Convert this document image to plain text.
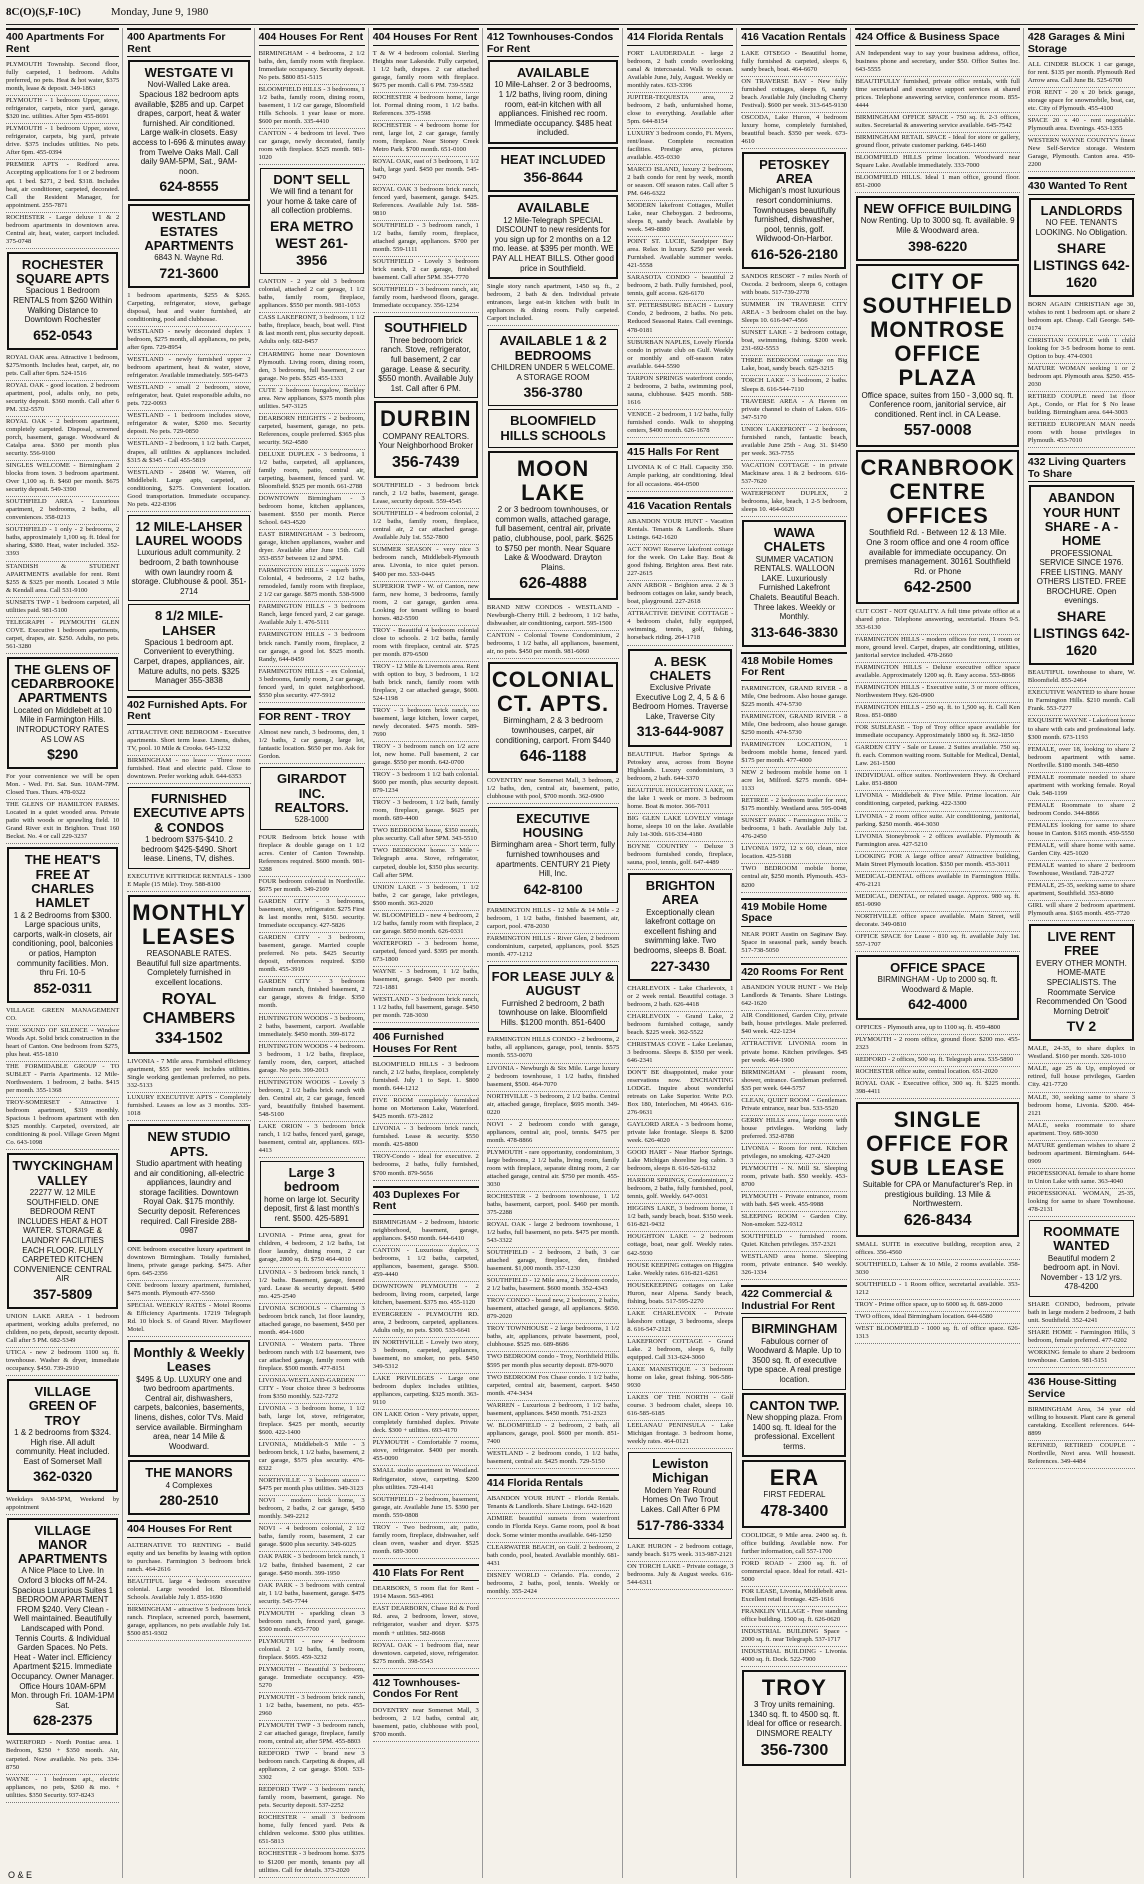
8C(O)(S,F-10C)	Monday, June 9, 1980
400 Apartments For Rent
PLYMOUTH Township. Second floor, fully carpeted, 1 bedroom. Adults preferred, no pets. Heat & hot water, $375 month, lease & deposit. 349-1863
PLYMOUTH - 1 bedroom Upper, stove, refrigerator, carpets, nice yard, garage. $320 inc. utilities. After 5pm 455-8691
PLYMOUTH - 1 bedroom Upper, stove, refrigerator, carpets, big yard, private drive. $375 includes utilities. No pets. After 6pm. 455-0394
PREMIER APTS - Redford area. Accepting applications for 1 or 2 bedroom apt. 1 bed. $271, 2 bed. $318. Includes heat, air conditioner, carpeted, decorated. Call the Resident Manager, for appointment. 255-7871
ROCHESTER - Large deluxe 1 & 2 bedroom apartments in downtown area. Central air, heat, water, carport included. 375-0748
ROCHESTER SQUARE APTS
Spacious 1 Bedroom RENTALS from $260 Within Walking Distance to Downtown Rochester
652-0543
ROYAL OAK area. Attractive 1 bedroom, $275/month. Includes heat, carpet, air, no pets. Call after 6pm. 524-1516
ROYAL OAK - good location. 2 bedroom apartment, pool, adults only, no pets, security deposit. $360 month. Call after 6 PM. 332-5570
ROYAL OAK - 2 bedroom apartment, completely carpeted. Disposal, screened porch, basement, garage. Woodward & Catalpa area. $360 per month plus security. 556-9100
SINGLES WELCOME - Birmingham 2 blocks from town. 3 bedroom apartment. Over 1,100 sq. ft. $460 per month. $675 security deposit. 549-3390
SOUTHFIELD AREA - Luxurious apartment, 2 bedrooms, 2 baths, all conveniences. 358-0213
SOUTHFIELD - 1 only - 2 bedrooms, 2 baths, approximately 1,100 sq. ft. Ideal for sharing, $380. Heat, water included. 352-3393
STANDISH & STUDENT APARTMENTS available for rent. Rent $255 & $325 per month. Located 3 Mile & Kendall area. Call 531-9100
SUNSETS TWP - 1 bedroom carpeted, all utilities paid. 981-5100
TELEGRAPH - PLYMOUTH GLEN COVE. Executive 1 bedroom apartments, carpet, drapes, air. $250. Adults, no pets. 561-3280
THE GLENS OF CEDARBROOKE APARTMENTS
Located on Middlebelt at 10 Mile in Farmington Hills. INTRODUCTORY RATES AS LOW AS
$290
For your convenience we will be open Mon. - Wed. Fri. Sat. Sun. 10AM-7PM. Closed Tues. Thurs. 478-0322
THE GLENS OF HAMILTON FARMS. Located in a quiet wooded area. Private patio with woods or sprawling field. 10 Grand River exit in Brighton. Trust 160 Beckst. No. 4 or call 229-3237
THE HEAT'S FREE AT CHARLES HAMLET
1 & 2 Bedrooms from $300. Large spacious units, carports, walk-in closets, air conditioning, pool, balconies or patios, Hampton community facilities. Mon. thru Fri. 10-5
852-0311
VILLAGE GREEN MANAGEMENT CO.
THE SOUND OF SILENCE - Windsor Woods Apt. Solid brick construction in the heart of Canton. One bedroom from $275, plus heat. 455-1810
THE FORMIDABLE GROUP - TO SUBLET - Parris Apartments. 12 Mile-Northwestern. 1 bedroom, 2 baths. $415 per month. 355-1368
TROY-SOMERSET - Attractive 1 bedroom apartment, $319 monthly. Spacious 1 bedroom apartment with den $325 monthly. Carpeted, oversized, air conditioning & pool. Village Green Mgmt Co. 643-1098
TWYCKINGHAM VALLEY
22277 W. 12 MILE SOUTHFIELD. ONE BEDROOM RENT INCLUDES HEAT & HOT WATER. STORAGE & LAUNDRY FACILITIES EACH FLOOR. FULLY CARPETED KITCHEN CONVENIENCE CENTRAL AIR
357-5809
UNION LAKE AREA - 1 bedroom apartment, working adults preferred, no children, no pets, deposit, security deposit. Call after 5 PM. 682-5349
UTICA - new 2 bedroom 1100 sq. ft. townhouse. Washer & dryer, immediate occupancy. $450. 739-2910
VILLAGE GREEN OF TROY
1 & 2 bedrooms from $324. High rise. All adult community. Heat included. East of Somerset Mall
362-0320
Weekdays 9AM-5PM, Weekend by appointment
VILLAGE MANOR APARTMENTS
A Nice Place to Live. In Oxford 3 blocks off M-24. Spacious Luxurious Suites 1 BEDROOM APARTMENT FROM $240. Very Clean - Well maintained. Beautifully Landscaped with Pond. Tennis Courts. & Individual Garden Spaces. No Pets. Heat - Water incl. Efficiency Apartment $215. Immediate Occupancy. Owner Manager. Office Hours 10AM-6PM Mon. through Fri. 10AM-1PM Sat.
628-2375
WATERFORD - North Pontiac area. 1 Bedroom, $250 + $350 month. Air, carpeted. Now available. No pets. 334-8750
WAYNE - 1 bedroom apt., electric appliances, no pets, $260 & mo. + utilities. $350 Security. 937-8243
400 Apartments For Rent
WESTGATE VI
Novi-Walled Lake area. Spacious 182 bedroom apts available, $285 and up. Carpet drapes, carport, heat & water furnished. Air conditioned. Large walk-in closets. Easy access to I-696 & minutes away from Twelve Oaks Mall. Call daily 9AM-5PM, Sat., 9AM-noon.
624-8555
WESTLAND ESTATES APARTMENTS
6843 N. Wayne Rd.
721-3600
1 bedroom apartments, $255 & $265. Carpeting, refrigerator, stove, garbage disposal, heat and water furnished, air conditioning, pool and clubhouse.
WESTLAND - newly decorated duplex 1 bedroom, $275 month, all appliances, no pets, after 6pm. 729-8954
WESTLAND - newly furnished upper 2 bedroom apartment, heat & water, stove, refrigerator. Available immediately. 595-6473
WESTLAND - small 2 bedroom, stove, refrigerator, heat. Quiet responsible adults, no pets. 722-0093
WESTLAND - 1 bedroom includes stove, refrigerator & water, $260 mo. Security deposit. No pets. 729-0850
WESTLAND - 2 bedroom, 1 1/2 bath. Carpet, drapes, all utilities & appliances included. $315 & $345 - Call 455-5819
WESTLAND - 28408 W. Warren, off Middlebelt. Large apts, carpeted, air conditioning, $275. Convenient location. Good transportation. Immediate occupancy. No pets. 422-8396
12 MILE-LAHSER LAUREL WOODS
Luxurious adult community. 2 bedroom, 2 bath townhouse with own laundry room & storage. Clubhouse & pool. 351-2714
8 1/2 MILE-LAHSER
Spacious 1 bedroom apt. Convenient to everything. Carpet, drapes, appliances, air. Mature adults, no pets. $325 Manager 355-3838
402 Furnished Apts. For Rent
ATTRACTIVE ONE BEDROOM - Executive apartments. Short term lease. Linens, dishes, TV, pool. 10 Mile & Crooks. 645-1232
BIRMINGHAM - no lease - Three room furnished. Heat and electric paid. Close to downtown. Prefer working adult. 644-6353
FURNISHED EXECUTIVE APTS & CONDOS
1 bedroom $375-$410. 2 bedroom $425-$490. Short lease. Linens, TV, dishes.
EXECUTIVE KITTRIDGE RENTALS - 1300 E Maple (15 Mile). Troy. 588-8100
MONTHLY LEASES
REASONABLE RATES. Beautiful full size apartments. Completely furnished in excellent locations.
ROYAL CHAMBERS 334-1502
LIVONIA - 7 Mile area. Furnished efficiency apartment, $55 per week includes utilities. Single working gentleman preferred, no pets. 332-5133
LUXURY EXECUTIVE APTS - Completely furnished. Leases as low as 3 months. 335-1018
NEW STUDIO APTS.
Studio apartment with heating and air conditioning, all-electric appliances, laundry and storage facilities. Downtown Royal Oak. $175 monthly. Security deposit. References required. Call Fireside 288-0987
ONE bedroom executive luxury apartment in downtown Birmingham. Totally furnished, linens, private garage parking. $475. After 6pm. 645-2356
ONE bedroom luxury apartment, furnished, $475 month. Plymouth 477-5560
SPECIAL WEEKLY RATES - Motel Rooms & Efficiency Apartments. 17219 Telegraph Rd. 10 block S. of Grand River. Mayflower Motel.
Monthly & Weekly Leases
$495 & Up. LUXURY one and two bedroom apartments. Central air, dishwashers, carpets, balconies, basements, linens, dishes, color TVs. Maid service available. Birmingham area, near 14 Mile & Woodward.
THE MANORS
4 Complexes
280-2510
404 Houses For Rent
ALTERNATIVE TO RENTING - Build equity and tax benefits by leasing with option to purchase. Farmington 3 bedroom brick ranch. 464-2616
BEAUTIFUL large 4 bedroom executive colonial. Large wooded lot. Bloomfield Schools. Available July 1. 855-1690
BIRMINGHAM - attractive 5 bedroom brick ranch. Fireplace, screened porch, basement, garage, appliances, no pets available July 1st. $500 851-9302
404 Houses For Rent
BIRMINGHAM - 4 bedrooms, 2 1/2 baths, den, family room with fireplace. Immediate occupancy. Security deposit. No pets. $800 851-5115
BLOOMFIELD HILLS - 3 bedrooms, 1 1/2 baths, family room, dining room, basement, 1 1/2 car garage, Bloomfield Hills Schools. 1 year lease or more. $600 per month. 335-4410
CANTON - 4 bedroom tri level. Two car garage, newly decorated, family room with fireplace. $525 month. 981-1020
DON'T SELL
We will find a tenant for your home & take care of all collection problems.
ERA METRO WEST 261-3956
CANTON - 2 year old 3 bedroom colonial, attached 2 car garage, 1 1/2 baths, family room, fireplace, appliances. $550 per month. 981-1053
CASS LAKEFRONT, 3 bedroom, 1 1/2 baths, fireplace, beach, boat well. First & last month rent, plus security deposit. Adults only. 682-8457
CHARMING home near Downtown Plymouth. Living room, dining room, den, 3 bedrooms, full basement, 2 car garage. No pets. $525 455-1333
CUTE 2 bedroom bungalow, Berkley area. New appliances, $375 month plus utilities. 547-3125
DEARBORN HEIGHTS - 2 bedroom, carpeted, basement, garage, no pets. References, couple preferred. $365 plus security. 562-4580
DELUXE DUPLEX - 3 bedrooms, 1 1/2 baths, carpeted, all appliances, family room, patio, central air, carpeting, basement, fenced yard. W. Bloomfield. $525 per month. 661-2788
DOWNTOWN Birmingham - 3 bedroom home, kitchen appliances, basement. $550 per month. Pierce School. 643-4520
EAST BIRMINGHAM - 3 bedroom, garage, kitchen appliances, washer and dryer. Available after June 15th. Call 353-8557 between 12 and 3PM.
FARMINGTON HILLS - superb 1979 Colonial, 4 bedrooms, 2 1/2 baths, remodeled, family room with fireplace, 2 1/2 car garage. $875 month. 538-5900
FARMINGTON HILLS - 3 bedroom Ranch, large fenced yard, 2 car garage. Available July 1. 476-5111
FARMINGTON HILLS - 3 bedroom brick ranch. Family room, fireplace, 2 car garage, a good lot. $525 month. Randy, 644-8459
FARMINGTON HILLS - ex Colonial, 3 bedrooms, family room, 2 car garage, fenced yard, in quiet neighborhood. $550 plus security. 477-5912
FOR RENT - TROY
Almost new ranch, 3 bedrooms, den, 1 1/2 baths, 2 car garage, large lot, fantastic location. $650 per mo. Ask for Gordon.
GIRARDOT INC. REALTORS.
528-1000
FOUR Bedroom brick house with fireplace & double garage on 1 1/2 acres. Center of Canton Township. References required. $600 month. 981-3288
FOUR bedroom colonial in Northville. $675 per month. 349-2109
GARDEN CITY - 3 bedrooms, basement, stove, refrigerator. $275 First & last months rent, $150. security. Immediate occupancy. 427-5826
GARDEN CITY - 3 bedroom, basement, garage. Married couple preferred. No pets. $425 Security deposit, references required. $350 month. 455-3919
GARDEN CITY - 3 bedroom aluminum ranch, finished basement, 2 car garage, stoves & fridge. $350 month.
HUNTINGTON WOODS - 3 bedroom, 2 baths, basement, carport. Available immediately. $450 month. 399-8172
HUNTINGTON WOODS - 4 bedroom. 3 bedroom, 1 1/2 baths, fireplace, family room, den, carport, attached garage. No pets. 399-2013
HUNTINGTON WOODS - Lovely 3 bedroom, 2 1/2 baths brick ranch with den. Central air, 2 car garage, fenced yard, beautifully finished basement. 548-5100
LAKE ORION - 3 bedroom brick ranch, 1 1/2 baths, fenced yard, garage, basement, central air, appliances. 693-4413
Large 3 bedroom
home on large lot. Security deposit, first & last month's rent. $500. 425-5891
LIVONIA - Prime area, great for children, 4 bedroom, 2 1/2 baths, 1st floor laundry, dining room, 2 car garage, 2800 sq. ft. $750 464-4010
LIVONIA - 3 bedroom brick ranch, 1 1/2 baths. Basement, garage, fenced yard. Lease & security deposit. $490 mo. 425-2540
LIVONIA SCHOOLS - Charming 3 bedroom brick ranch, 1st floor laundry, attached garage, no basement, $450 per month. 464-1600
LIVONIA - Western parts. Three bedroom ranch with 1/2 basement, two car attached garage, family room with fireplace. $500 month. 477-8151
LIVONIA-WESTLAND-GARDEN CITY - Your choice three 3 bedrooms from $350 monthly. 522-7272
LIVONIA - 3 bedroom home, 1 1/2 bath, large lot, stove, refrigerator, fireplace. $425 per month, security $600. 422-1400
LIVONIA, Middlebelt-5 Mile - 3 bedroom brick, 1 1/2 baths, basement, 2 car garage, $575 plus security. 476-8322
NORTHVILLE - 3 bedroom stucco - $475 per month plus utilities. 349-3123
NOVI - modern brick home, 3 bedroom, 2 baths, 2 car garage, $450 monthly. 349-2212
NOVI - 4 bedroom colonial, 2 1/2 baths, family room, basement, 2 car garage. $600 plus security. 349-6025
OAK PARK - 3 bedroom brick ranch, 1 1/2 baths, finished basement, 2 car garage. $450 month. 399-1950
OAK PARK - 3 bedroom with central air, 1 1/2 baths, basement, garage. $475 security. 545-7744
PLYMOUTH - sparkling clean 3 bedroom ranch, fenced yard, garage. $500 month. 455-7700
PLYMOUTH - new 4 bedroom colonial. 2 1/2 baths, family room, fireplace. $695. 459-3232
PLYMOUTH - Beautiful 3 bedroom, garage. Immediate occupancy. 459-5270
PLYMOUTH - 3 bedroom brick ranch, 1 1/2 baths, basement, no pets. 455-2960
PLYMOUTH TWP - 3 bedroom ranch, 2 car attached garage, fireplace, family room, central air, after 5PM. 455-8803
REDFORD TWP - brand new 3 bedroom ranch. Carpeting & drapes, all appliances, 2 car garage. $500. 533-3302
REDFORD TWP - 3 bedroom ranch, family room, basement, garage. No pets. Security deposit. 537-2252
ROCHESTER - small 3 bedroom home, fully fenced yard. Pets & children welcome. $300 plus utilities. 651-5813
ROCHESTER - 3 bedroom home. $375 to $1200 per month, tenants pay all utilities. Call for details. 373-2020
404 Houses For Rent
T & W 4 bedroom colonial. Sterling Heights near Lakeside. Fully carpeted, 1 1/2 bath, drapes. 2 car attached garage, family room with fireplace. $675 per month. Call 6 PM. 739-5582
ROCHESTER 4 bedroom home, large lot. Formal dining room, 1 1/2 baths. References. 375-1598
ROCHESTER - 4 bedroom home for rent, large lot, 2 car garage, family room, fireplace. Near Stoney Creek Metro Park. $700 month. 651-0100
ROYAL OAK, east of 3 bedroom, 1 1/2 bath, large yard. $450 per month. 545-9470
ROYAL OAK 3 bedroom brick ranch, fenced yard, basement, garage. $425. References. Available July 1st. 588-9810
SOUTHFIELD - 3 bedroom ranch, 1 1/2 baths, family room, fireplace, attached garage, appliances. $700 per month. 559-1111
SOUTHFIELD - Lovely 3 bedroom brick ranch, 2 car garage, finished basement. Call after 5PM. 354-7770
SOUTHFIELD - 3 bedroom ranch, air, family room, hardwood floors, garage. Immediate occupancy. 356-1234
SOUTHFIELD
Three bedroom brick ranch. Stove, refrigerator, full basement, 2 car garage. Lease & security. $550 month. Available July 1st. Call after 6 PM.
DURBIN
COMPANY REALTORS. Your Neighborhood Broker
356-7439
SOUTHFIELD - 3 bedroom brick ranch, 2 1/2 baths, basement, garage. Lease, security deposit. 559-4545
SOUTHFIELD - 4 bedroom colonial, 2 1/2 baths, family room, fireplace, central air, 2 car attached garage. Available July 1st. 552-7800
SUMMER SEASON - very nice 3 bedroom ranch, Middlebelt-Plymouth area. Livonia, to nice quiet person. $400 per mo. 533-0445
SUPERIOR TWP - W. of Canton, new farm, new home, 3 bedrooms, family room, 2 car garage, garden area. Looking for tenant willing to board horses. 482-5590
TROY - Beautiful 4 bedroom colonial close to schools. 2 1/2 baths, family room with fireplace, central air. $725 per month. 879-6500
TROY - 12 Mile & Livernois area. Rent with option to buy, 3 bedroom, 1 1/2 bath brick ranch, family room with fireplace, 2 car attached garage, $600. 524-1198
TROY - 3 bedroom brick ranch, no basement, large kitchen, lower carpet, newly decorated. $475 month. 589-7690
TROY - 3 bedroom ranch on 1/2 acre lot, new home. Full basement, 2 car garage. $550 per month. 642-0700
TROY - 3 bedroom 1 1/2 bath colonial. $600 per month, plus security deposit. 879-1234
TROY - 3 bedroom, 1 1/2 bath, family room, fireplace, garage. $625 per month. 689-4400
TWO BEDROOM house, $350 month, plus security. Call after 5PM. 343-5510
TWO BEDROOM home. 3 Mile - Telegraph area. Stove, refrigerator, carpeted, double lot, $350 plus security. Call after 5PM.
UNION LAKE - 3 bedroom, 1 1/2 baths, 2 car garage, lake privileges, $500 month. 363-2020
W. BLOOMFIELD - new 4 bedroom, 2 1/2 baths, family room with fireplace, 2 car garage. $850 month. 626-0331
WATERFORD - 3 bedroom home, carpeted, fenced yard. $395 per month. 673-1800
WAYNE - 3 bedroom, 1 1/2 baths, basement, garage. $400 per month. 721-1881
WESTLAND - 3 bedroom brick ranch, 1 1/2 baths, full basement, garage. $450 per month. 728-3030
406 Furnished Houses For Rent
BLOOMFIELD HILLS - 3 bedroom ranch, 2 1/2 baths, fireplace, completely furnished. July 1 to Sept. 1. $800 month. 644-1212
FIVE ROOM completely furnished home on Mortenson Lake, Waterford. $425 month. 673-2812
LIVONIA - 3 bedroom brick ranch, furnished. Lease & security. $550 month. 425-8800
TROY-Condo - ideal for executive. 2 bedrooms, 2 baths, fully furnished, $700 month. 879-5656
403 Duplexes For Rent
BIRMINGHAM - 2 bedroom, historic neighborhood, basement, garage, appliances. $450 month. 644-6410
CANTON - Luxurious duplex, 3 bedrooms, 1 1/2 baths, carpeted, appliances, basement, garage. $500. 459-4440
DOWNTOWN PLYMOUTH - 2 bedroom, living room, carpeted, large kitchen, basement. $375 mo. 455-1120
EVERGREEN - PLYMOUTH RD. area, 2 bedroom, carpeted, appliances. Adults only, no pets. $300. 533-6641
IN NORTHVILLE - Lovely two story, 3 bedroom, carpeted, appliances, basement, no smoker, no pets. $450 349-5312
LAKE PRIVILEGES - Large one bedroom duplex includes utilities, appliances, carpeting. $325 month. 363-9110
ON LAKE Orion - Very private, upper, completely furnished duplex. Private deck. $300 + utilities. 693-4170
PLYMOUTH - Comfortable 7 rooms, stove, refrigerator. $400 per month. 455-0090
SMALL studio apartment in Westland. Refrigerator, stove, carpeting. $200 plus utilities. 729-4141
SOUTHFIELD - 2 bedroom, basement, garage, air. Available June 15. $390 per month. 559-0808
TROY - Two bedroom, air, patio, family room, fireplace, dishwasher, self clean oven, washer and dryer. $525 month. 689-3000
410 Flats For Rent
DEARBORN, 5 room flat for Rent - 1914 Mason. 563-4961
EAST DEARBORN, Chase Rd & Ford Rd. area, 2 bedroom, lower, stove, refrigerator, washer and dryer. $375 month + utilities. 582-8668
ROYAL OAK - 1 bedroom flat, near downtown. carpeted, stove, refrigerator. $275 month. 398-5543
412 Townhouses-Condos For Rent
DOVENTRY near Somerset Mall, 3 bedroom, 2 1/2 baths, central air, basement, patio, clubhouse with pool, $700 month.
412 Townhouses-Condos For Rent
AVAILABLE
10 Mile-Lahser. 2 or 3 bedrooms, 1 1/2 baths, living room, dining room, eat-in kitchen with all appliances. Finished rec room. Immediate occupancy. $485 heat included.
HEAT INCLUDED
356-8644
AVAILABLE
12 Mile-Telegraph SPECIAL DISCOUNT to new residents for you sign up for 2 months on a 12 mo. lease. at $395 per month. WE PAY ALL HEAT BILLS. Other good price in Southfield.
Single story ranch apartment, 1450 sq. ft., 2 bedroom, 2 bath & den. Individual private entrances, large eat-in kitchen with built in appliances & dining room. Fully carpeted. Carport included.
AVAILABLE 1 & 2 BEDROOMS
CHILDREN UNDER 5 WELCOME. A STORAGE ROOM
356-3780
BLOOMFIELD HILLS SCHOOLS
MOON LAKE
2 or 3 bedroom townhouses, or common walls, attached garage, full basement, central air, private patio, clubhouse, pool, park. $625 to $750 per month. Near Square Lake & Woodward. Drayton Plains.
626-4888
BRAND NEW CONDOS - WESTLAND - Newburgh-Cherry Hill. 2 bedroom, 1 1/2 baths, dishwasher, air conditioning, carport. 595-1500
CANTON - Colonial Towne Condominium, 2 bedrooms, 1 1/2 baths, all appliances, basement, air, no pets. $450 per month. 981-6060
COLONIAL CT. APTS.
Birmingham, 2 & 3 bedroom townhouses, carpet, air conditioning, carport. From $440
646-1188
COVENTRY near Somerset Mall, 3 bedroom, 2 1/2 baths, den, central air, basement, patio, clubhouse with pool, $700 month. 362-0900
EXECUTIVE HOUSING
Birmingham area - Short term, fully furnished townhouses and apartments. CENTURY 21 Piety Hill, Inc.
642-8100
FARMINGTON HILLS - 12 Mile & 14 Mile - 2 bedroom, 1 1/2 baths, finished basement, air, carport, pool. 478-2030
FARMINGTON HILLS - River Glen, 2 bedroom condominium, carpeted, appliances, pool. $525 month. 477-1212
FOR LEASE JULY & AUGUST
Furnished 2 bedroom, 2 bath townhouse on lake. Bloomfield Hills. $1200 month. 851-6400
FARMINGTON HILLS CONDO - 2 bedrooms, 2 baths, all appliances, garage, pool, tennis. $575 month. 553-0070
LIVONIA - Newburgh & Six Mile. Large luxury 2 bedroom townhouse, 1 1/2 baths, finished basement, $500. 464-7070
NORTHVILLE - 3 bedroom, 2 1/2 baths. Central air, attached garage, fireplace, $695 month. 349-0220
NOVI - 2 bedroom condo with garage, appliances, central air, pool, tennis. $475 per month. 478-8866
PLYMOUTH - rare opportunity, condominium, 3 large bedrooms, 2 1/2 baths, living room, family room with fireplace, separate dining room, 2 car attached garage, central air. $750 per month. 455-3030
ROCHESTER - 2 bedroom townhouse, 1 1/2 baths, basement, carport, pool. $460 per month. 375-2288
ROYAL OAK - large 2 bedroom townhouse, 1 1/2 baths, full basement, no pets. $475 per month. 543-3322
SOUTHFIELD - 2 bedroom, 2 bath, 3 car attached garage, fireplace, den, finished basement. $1,000 month. 357-1230
SOUTHFIELD - 12 Mile area, 2 bedroom condo, 2 1/2 baths, basement. $600 month. 352-4343
TROY CONDO - brand new, 2 bedroom, 2 baths, basement, attached garage, all appliances. $650. 879-2020
TROY TOWNHOUSE - 2 large bedrooms, 1 1/2 baths, air, appliances, private basement, pool, clubhouse. $525 mo. 689-8686
TWO BEDROOM condo - Troy, Northfield Hills. $595 per month plus security deposit. 879-9070
TWO BEDROOM Fox Chase condo. 1 1/2 baths, carpeted, central air, basement, carport. $450 month. 474-3434
WARREN - Luxurious 2 bedroom, 1 1/2 baths, basement, appliances. $450 month. 751-2323
W. BLOOMFIELD - 2 bedroom, 2 bath, all appliances, garage, pool. $600 per month. 851-7400
WESTLAND - 2 bedroom condo, 1 1/2 baths, basement, central air. $425 month. 729-5150
414 Florida Rentals
ABANDON YOUR HUNT - Florida Rentals. Tenants & Landlords. Share Listings. 642-1620
ADMIRE beautiful sunsets from waterfront condo in Florida Keys. Game room, pool & boat dock. Some winter months available. 646-1250
CLEARWATER BEACH, on Gulf. 2 bedroom, 2 bath condo, pool, heated. Available monthly. 681-4431
DISNEY WORLD - Orlando. Fla. condo, 2 bedrooms, 2 baths, pool, tennis. Weekly or monthly. 355-2424
414 Florida Rentals
FORT LAUDERDALE - large 2 bedroom, 2 bath condo overlooking canal & intercoastal. Walk to ocean. Available June, July, August. Weekly or monthly rates. 633-3396
JUPITER-TEQUESTA area, 2 bedroom, 2 bath, unfurnished home, close to everything. Available after 5pm. 644-8154
LUXURY 3 bedroom condo, Ft. Myers, rent/lease. Complete recreation facilities. Prestige area, pictures available. 455-0330
MARCO ISLAND, luxury 2 bedroom, 2 bath condo for rent by week, month or season. Off season rates. Call after 5 PM. 646-6322
MODERN lakefront Cottages, Mullet Lake, near Cheboygan. 2 bedrooms, sleeps 8, sandy beach. Available by week. 549-8880
POINT ST. LUCIE, Sandpiper Bay area. Relax in luxury. $250 per week. Furnished. Available summer weeks. 421-5558
SARASOTA CONDO - beautiful 2 bedroom, 2 bath. Fully furnished, pool, tennis, gulf access. 626-6170
ST. PETERSBURG BEACH - Luxury Condo, 2 bedroom, 2 baths. No pets. Reduced Seasonal Rates. Call evenings. 478-0181
SUBURBAN NAPLES, Lovely Florida condo in private club on Gulf. Weekly or monthly and off-season rates available. 644-5590
TARPON SPRINGS waterfront condo, 2 bedrooms, 2 baths, swimming pool, sauna, clubhouse. $425 month. 588-1616
VENICE - 2 bedroom, 1 1/2 baths, fully furnished condo. Walk to shopping centers, $400 month. 626-1678
415 Halls For Rent
LIVONIA K of C Hall. Capacity 350. Ample parking, air conditioning. Ideal for all occasions. 464-0500
416 Vacation Rentals
ABANDON YOUR HUNT - Vacation Rentals. Tenants & Landlords. Share Listings. 642-1620
ACT NOW! Reserve lakefront cottage for the week. On Lake Bay. Boat & good fishing. Brighton area. Best rate. 227-2615
ANN ARBOR - Brighton area. 2 & 3 bedroom cottages on lake, sandy beach, boat, playground. 227-2618
ATTRACTIVE DEVINE COTTAGE - 4 bedroom chalet, fully equipped, swimming, tennis, golf, fishing, horseback riding. 264-1718
A. BESK CHALETS
Exclusive Private Executive Log 2, 4, 5 & 6 Bedroom Homes. Traverse Lake, Traverse City
313-644-9087
BEAUTIFUL Harbor Springs & Petoskey area, across from Boyne Highlands. Luxury condominium, 3 bedroom, 2 bath. 644-3370
BEAUTIFUL HOUGHTON LAKE, on the lake 1 week or more. 3 bedroom home. Boat & motor. 366-7011
BIG GLEN LAKE LOVELY vintage home, sleeps 10 on the lake. Available July 1st-30th. 616-334-4180
BOYNE COUNTRY - Deluxe 3 bedroom furnished condo, fireplace, sauna, pool, tennis, golf. 647-4489
BRIGHTON AREA
Exceptionally clean lakefront cottage on excellent fishing and swimming lake. Two bedrooms, sleeps 8. Boat.
227-3430
CHARLEVOIX - Lake Charlevoix, 1 or 2 week rental. Beautiful cottage. 3 bedroom, 2 bath. 626-4418
CHARLEVOIX - Grand Lake, 2 bedroom furnished cottage, sandy beach. $225 week. 362-5522
CHRISTMAS COVE - Lake Leelanau, 3 bedrooms. Sleeps 8. $350 per week. 646-2341
DON'T BE disappointed, make your reservations now. ENCHANTING LODGE. Inquire about wonderful retreats on Lake Superior. Write P.O. Box 180, Interlochen, Mi 49643. 616-276-9631
GAYLORD AREA - 3 bedroom home, private lake frontage. Sleeps 8. $200 week. 626-4020
GOOD HART - Near Harbor Springs. Lake Michigan shoreline log cabin. 3 bedroom, sleeps 8. 616-526-6132
HARBOR SPRINGS, Condominium, 2 bedroom, 2 baths, fully furnished, pool, tennis, golf. Weekly. 647-0031
HIGGINS LAKE, 3 bedroom home, 1 1/2 bath, sandy beach, boat. $350 week. 616-821-9432
HOUGHTON LAKE - 2 bedroom cottage, boat, near golf. Weekly rates. 642-5930
HOUSE KEEPING cottages on Higgins Lake. Weekly rates. 616-821-6261
HOUSEKEEPING cottages on Lake Huron, near Alpena. Sandy beach, fishing, boats. 517-595-2270
LAKE CHARLEVOIX - Private lakeshore cottage, 3 bedrooms, sleeps 8. 616-547-2121
LAKEFRONT COTTAGE - Grand Lake. 2 bedroom, sleeps 6, fully equipped. Call 313-624-3060
LAKE MANISTIQUE - 3 bedroom home on lake, great fishing. 906-586-9930
LAKES OF THE NORTH - Golf course. 3 bedroom chalet, sleeps 10. 616-585-6185
LEELANAU PENINSULA - Lake Michigan frontage. 3 bedroom home, weekly rates. 464-0121
Lewiston Michigan
Modern Year Round Homes On Two Trout Lakes. Call After 6 PM
517-786-3334
LAKE HURON - 2 bedroom cottage, sandy beach. $175 week. 313-987-2121
ON TORCH LAKE - Private cottage, 3 bedrooms. July & August weeks. 616-544-6311
416 Vacation Rentals
LAKE OTSEGO - Beautiful home, fully furnished & carpeted, sleeps 6, sandy beach, boat. 464-6670
ON TRAVERSE BAY - New fully furnished cottages, sleeps 6, sandy beach. Available July (including Cherry Festival). $600 per week. 313-645-9130
OSCODA, Lake Huron, 4 bedroom luxury home, completely furnished, beautiful beach. $350 per week. 673-4610
PETOSKEY AREA
Michigan's most luxurious resort condominiums. Townhouses beautifully furnished, dishwasher, pool, tennis, golf. Wildwood-On-Harbor.
616-526-2180
SANDOS RESORT - 7 miles North of Oscoda. 2 bedroom, sleeps 6, cottages with boats. 517-739-2778
SUMMER IN TRAVERSE CITY AREA - 3 bedroom chalet on the bay. Sleeps 10. 616-947-4566
SUNSET LAKE - 2 bedroom cottage, boat, swimming, fishing. $200 week. 231-692-5553
THREE BEDROOM cottage on Big Lake, boat, sandy beach. 625-3215
TORCH LAKE - 3 bedroom, 2 baths. Sleeps 8. 616-544-7110
TRAVERSE AREA - A Haven on private channel to chain of Lakes. 616-347-5170
UNION LAKEFRONT - 2 bedroom, furnished ranch, fantastic beach, available June 25th - Aug. 31. $1450 per week. 363-7755
VACATION COTTAGE - in private Mackinaw area. 1 & 2 bedroom. 616-537-7620
WATERFRONT DUPLEX, 2 bedrooms, lake, beach, 1 2-5 bedroom, sleeps 10. 464-6620
WAWA CHALETS
SUMMER VACATION RENTALS. WALLOON LAKE. Luxuriously Furnished Lakefront Chalets. Beautiful Beach. Three lakes. Weekly or Monthly.
313-646-3830
418 Mobile Homes For Rent
FARMINGTON, GRAND RIVER - 8 Mile, One bedroom. Also house garage. $225 month. 474-5730
FARMINGTON, GRAND RIVER - 8 Mile, One bedroom, also house garage. $250 month. 474-5730
FARMINGTON LOCATION, 1 bedroom mobile home, fenced yard. $175 per month. 477-4000
NEW 2 bedroom mobile home on 1 acre lot, Milford. $275 month. 684-1133
RETIREE - 2 bedroom trailer for rent, $175 monthly. Westland area. 595-0048
SUNSET PARK - Farmington Hills. 2 bedrooms, 1 bath. Available July 1st. 476-2450
LIVONIA 1972, 12 x 60, clean, nice location. 425-5188
TWO BEDROOM mobile home, central air, $250 month. Plymouth. 453-8200
419 Mobile Home Space
NEAR PORT Austin on Saginaw Bay. Space in seasonal park, sandy beach. 517-738-5050
420 Rooms For Rent
ABANDON YOUR HUNT - We Help Landlords & Tenants. Share Listings. 642-1620
AIR Conditioned, Garden City, private bath, house privileges. Male preferred. $40 week. 422-1234
ATTRACTIVE LIVONIA room in private home. Kitchen privileges. $45 per week. 464-1900
BIRMINGHAM - pleasant room, shower, entrance. Gentleman preferred. $35 per week. 644-5757
CLEAN, QUIET ROOM - Gentleman. Private entrance, near bus. 533-5520
GERRY HILLS area, large room with house privileges. Working lady preferred. 352-8788
LIVONIA - Room for rent. Kitchen privileges, no smoking. 427-2420
PLYMOUTH - N. Mill St. Sleeping room, private bath. $50 weekly. 453-8700
PLYMOUTH - Private entrance, room with bath. $45 week. 455-9988
SLEEPING ROOM - Garden City. Non-smoker. 522-9312
SOUTHFIELD - furnished room. Quiet. Kitchen privileges. 357-2321
WESTLAND area home. Sleeping room, private entrance. $40 weekly. 326-1334
422 Commercial & Industrial For Rent
BIRMINGHAM
Fabulous corner of Woodward & Maple. Up to 3500 sq. ft. of executive type space. A real prestige location.
CANTON TWP.
New shopping plaza. From 1400 sq. ft. Ideal for the professional. Excellent terms.
ERA
FIRST FEDERAL
478-3400
COOLIDGE, 9 Mile area. 2400 sq. ft. office building. Available now. For further information, call 557-1700
FORD ROAD - 2300 sq. ft. of commercial space. Ideal for retail. 421-5000
FOR LEASE, Livonia, Middlebelt area. Excellent retail frontage. 425-1616
FRANKLIN VILLAGE - Free standing office building. 1500 sq. ft. 626-0620
INDUSTRIAL BUILDING Space - 2000 sq. ft. near Telegraph. 537-1717
INDUSTRIAL BUILDING - Livonia. 4000 sq. ft. Dock. 522-7900
TROY
3 Troy units remaining. 1340 sq. ft. to 4500 sq. ft. Ideal for office or research. DINSMORE REALTY
356-7300
424 Office & Business Space
AN Independent way to say your business address, office, business phone and secretary, under $50. Office Suites Inc. 643-5555
BEAUTIFULLY furnished, private office rentals, with full time secretarial and executive support services at shared prices. Telephone answering service, conference room. 855-4444
BIRMINGHAM OFFICE SPACE - 750 sq. ft. 2-3 offices, suites. Secretarial & answering service available. 645-7542
BIRMINGHAM RETAIL SPACE - Ideal for store or gallery, ground floor, private customer parking. 646-1460
BLOOMFIELD HILLS prime location. Woodward near Square Lake. Available immediately. 333-7000
BLOOMFIELD HILLS. Ideal 1 man office, ground floor. 851-2000
NEW OFFICE BUILDING
Now Renting. Up to 3000 sq. ft. available. 9 Mile & Woodward area.
398-6220
CITY OF SOUTHFIELD MONTROSE OFFICE PLAZA
Office space, suites from 150 - 3,000 sq. ft. Conference room, janitorial service, air conditioned. Rent incl. in CA Lease.
557-0008
CRANBROOK CENTRE OFFICES
Southfield Rd. - Between 12 & 13 Mile. One 3 room office and one 4 room office available for immediate occupancy. On premises management. 30161 Southfield Rd. or Phone
642-2500
CUT COST - NOT QUALITY. A full time private office at a shared price. Telephone answering, secretarial. Hours 9-5. 353-6130
FARMINGTON HILLS - modern offices for rent, 1 room or more, ground level. Carpet, drapes, air conditioning, utilities, janitorial service included. 478-2660
FARMINGTON HILLS - Deluxe executive office space available. Approximately 1200 sq. ft. Easy access. 553-8866
FARMINGTON HILLS - Executive suite, 3 or more offices, Northwestern Hwy. 626-0900
FARMINGTON HILLS - 250 sq. ft. to 1,500 sq. ft. Call Ken Ross. 851-0880
FOR SUBLEASE - Top of Troy office space available for immediate occupancy. Approximately 1800 sq. ft. 362-1850
GARDEN CITY - Sale or Lease. 2 Suites available. 750 sq. ft. each. Common waiting room. Suitable for Medical, Dental, Law. 261-1500
INDIVIDUAL office suites. Northwestern Hwy. & Orchard Lake. 851-8800
LIVONIA - Middlebelt & Five Mile. Prime location. Air conditioning, carpeted, parking. 422-3300
LIVONIA - 2 room office suite. Air conditioning, janitorial, parking. $250 month. 464-3030
LIVONIA Stoneybrook - 2 offices available. Plymouth & Farmington area. 427-5210
LOOKING FOR A large office area? Attractive building, Main Street Plymouth location. $350 per month. 453-3011
MEDICAL-DENTAL offices available in Farmington Hills. 476-2121
MEDICAL, DENTAL, or related usage. Approx. 980 sq. ft. 851-9090
NORTHVILLE office space available. Main Street, will decorate. 349-0810
OFFICE SPACE for Lease - 810 sq. ft. available July 1st. 557-1707
OFFICE SPACE
BIRMINGHAM - Up to 2000 sq. ft. Woodward & Maple.
642-4000
OFFICES - Plymouth area, up to 1100 sq. ft. 459-4800
PLYMOUTH - 2 room office, ground floor. $200 mo. 455-2323
REDFORD - 2 offices, 500 sq. ft. Telegraph area. 535-5890
ROCHESTER office suite, central location. 651-2020
ROYAL OAK - Executive office, 300 sq. ft. $225 month. 398-4411
SINGLE OFFICE FOR SUB LEASE
Suitable for CPA or Manufacturer's Rep. in prestigious building. 13 Mile & Northwestern.
626-8434
SMALL SUITE in executive building, reception area, 2 offices. 356-4560
SOUTHFIELD, Lahser & 10 Mile, 2 rooms available. 358-3030
SOUTHFIELD - 1 Room office, secretarial available. 353-1212
TROY - Prime office space, up to 6000 sq. ft. 689-2000
TWO offices, ideal Birmingham location. 644-6580
WEST BLOOMFIELD - 1000 sq. ft. of office space. 626-1313
428 Garages & Mini Storage
ALL CINDER BLOCK 1 car garage, for rent. $135 per month. Plymouth Red Arrow area. Call June Bt. 525-6700
FOR RENT - 20 x 20 brick garage, storage space for snowmobile, boat, car, etc. City of Plymouth. 455-4100
SPACE 20 x 40 - rent negotiable. Plymouth area. Evenings. 453-1355
WESTERN WAYNE COUNTY's finest New Self-Service storage. Western Garage, Plymouth. Canton area. 459-2200
430 Wanted To Rent
LANDLORDS
NO FEE. TENANTS LOOKING. No Obligation.
SHARE LISTINGS 642-1620
BORN AGAIN CHRISTIAN age 30, wishes to rent 1 bedroom apt. or share 2 bedroom apt. Cheap. Call George. 549-0174
CHRISTIAN COUPLE with 1 child looking for 3-5 bedroom home to rent. Option to buy. 474-0301
MATURE WOMAN seeking 1 or 2 bedroom apt. Plymouth area. $250. 455-2030
RETIRED COUPLE need 1st floor Apt., Condo, or Flat for $ No lease building. Birmingham area. 644-3003
RETIRED EUROPEAN MAN needs room with house privileges in Plymouth. 453-7010
432 Living Quarters To Share
ABANDON YOUR HUNT SHARE - A - HOME
PROFESSIONAL SERVICE SINCE 1976. FREE LISTING. MANY OTHERS LISTED. FREE BROCHURE. Open evenings.
SHARE LISTINGS 642-1620
BEAUTIFUL townhouse to share, W. Bloomfield. 855-2464
EXECUTIVE WANTED to share house in Farmington Hills. $210 month. Call Frank. 553-7277
EXQUISITE WAYNE - Lakefront home to share with cats and professional lady. $300 month. 673-1193
FEMALE, over 18, looking to share 2 bedroom apartment with same. Northville. $180 month. 348-4850
FEMALE roommate needed to share apartment with working female. Royal Oak. 548-1199
FEMALE Roommate to share 2 bedroom Condo. 344-8866
FEMALES looking for same to share house in Canton. $165 month. 459-5550
FEMALE, will share home with same. Garden City. 425-1020
FEMALE wanted to share 2 bedroom Townhouse, Westland. 728-2727
FEMALE, 25-35, seeking same to share apartment, Southfield. 353-8080
GIRL will share 2 bedroom apartment. Plymouth area. $165 month. 455-7720
LIVE RENT FREE
EVERY OTHER MONTH. HOME-MATE SPECIALISTS. The Roommate Service Recommended On 'Good Morning Detroit'
TV 2
MALE, 24-35, to share duplex in Westland. $160 per month. 326-1010
MALE, age 25 & Up, employed or retired, full house privileges, Garden City. 421-7720
MALE, 30, seeking same to share 3 bedroom home, Livonia. $200. 464-2121
MALE, seeks roommate to share apartment. Troy. 689-3030
MATURE gentleman wishes to share 2 bedroom apartment. Birmingham. 644-0909
PROFESSIONAL female to share home in Union Lake with same. 363-4040
PROFESSIONAL WOMAN, 25-35, looking for same to share Townhouse. 478-2131
ROOMMATE WANTED
Beautiful modern 2 bedroom apt. in Novi. November - 13 1/2 yrs. 478-4200
SHARE CONDO, bedroom, private bath in large modern 2 bedroom, 2 bath unit. Southfield. 352-4241
SHARE HOME - Farmington Hills, 3 bedroom, female preferred. 477-0202
WORKING female to share 2 bedroom townhouse. Canton. 981-5151
436 House-Sitting Service
BIRMINGHAM Area, 34 year old willing to housesit. Plant care & general caretaking. Excellent references. 644-8899
REFINED, RETIRED COUPLE - Northville, Novi area. Will housesit. References. 349-4484
O & E
